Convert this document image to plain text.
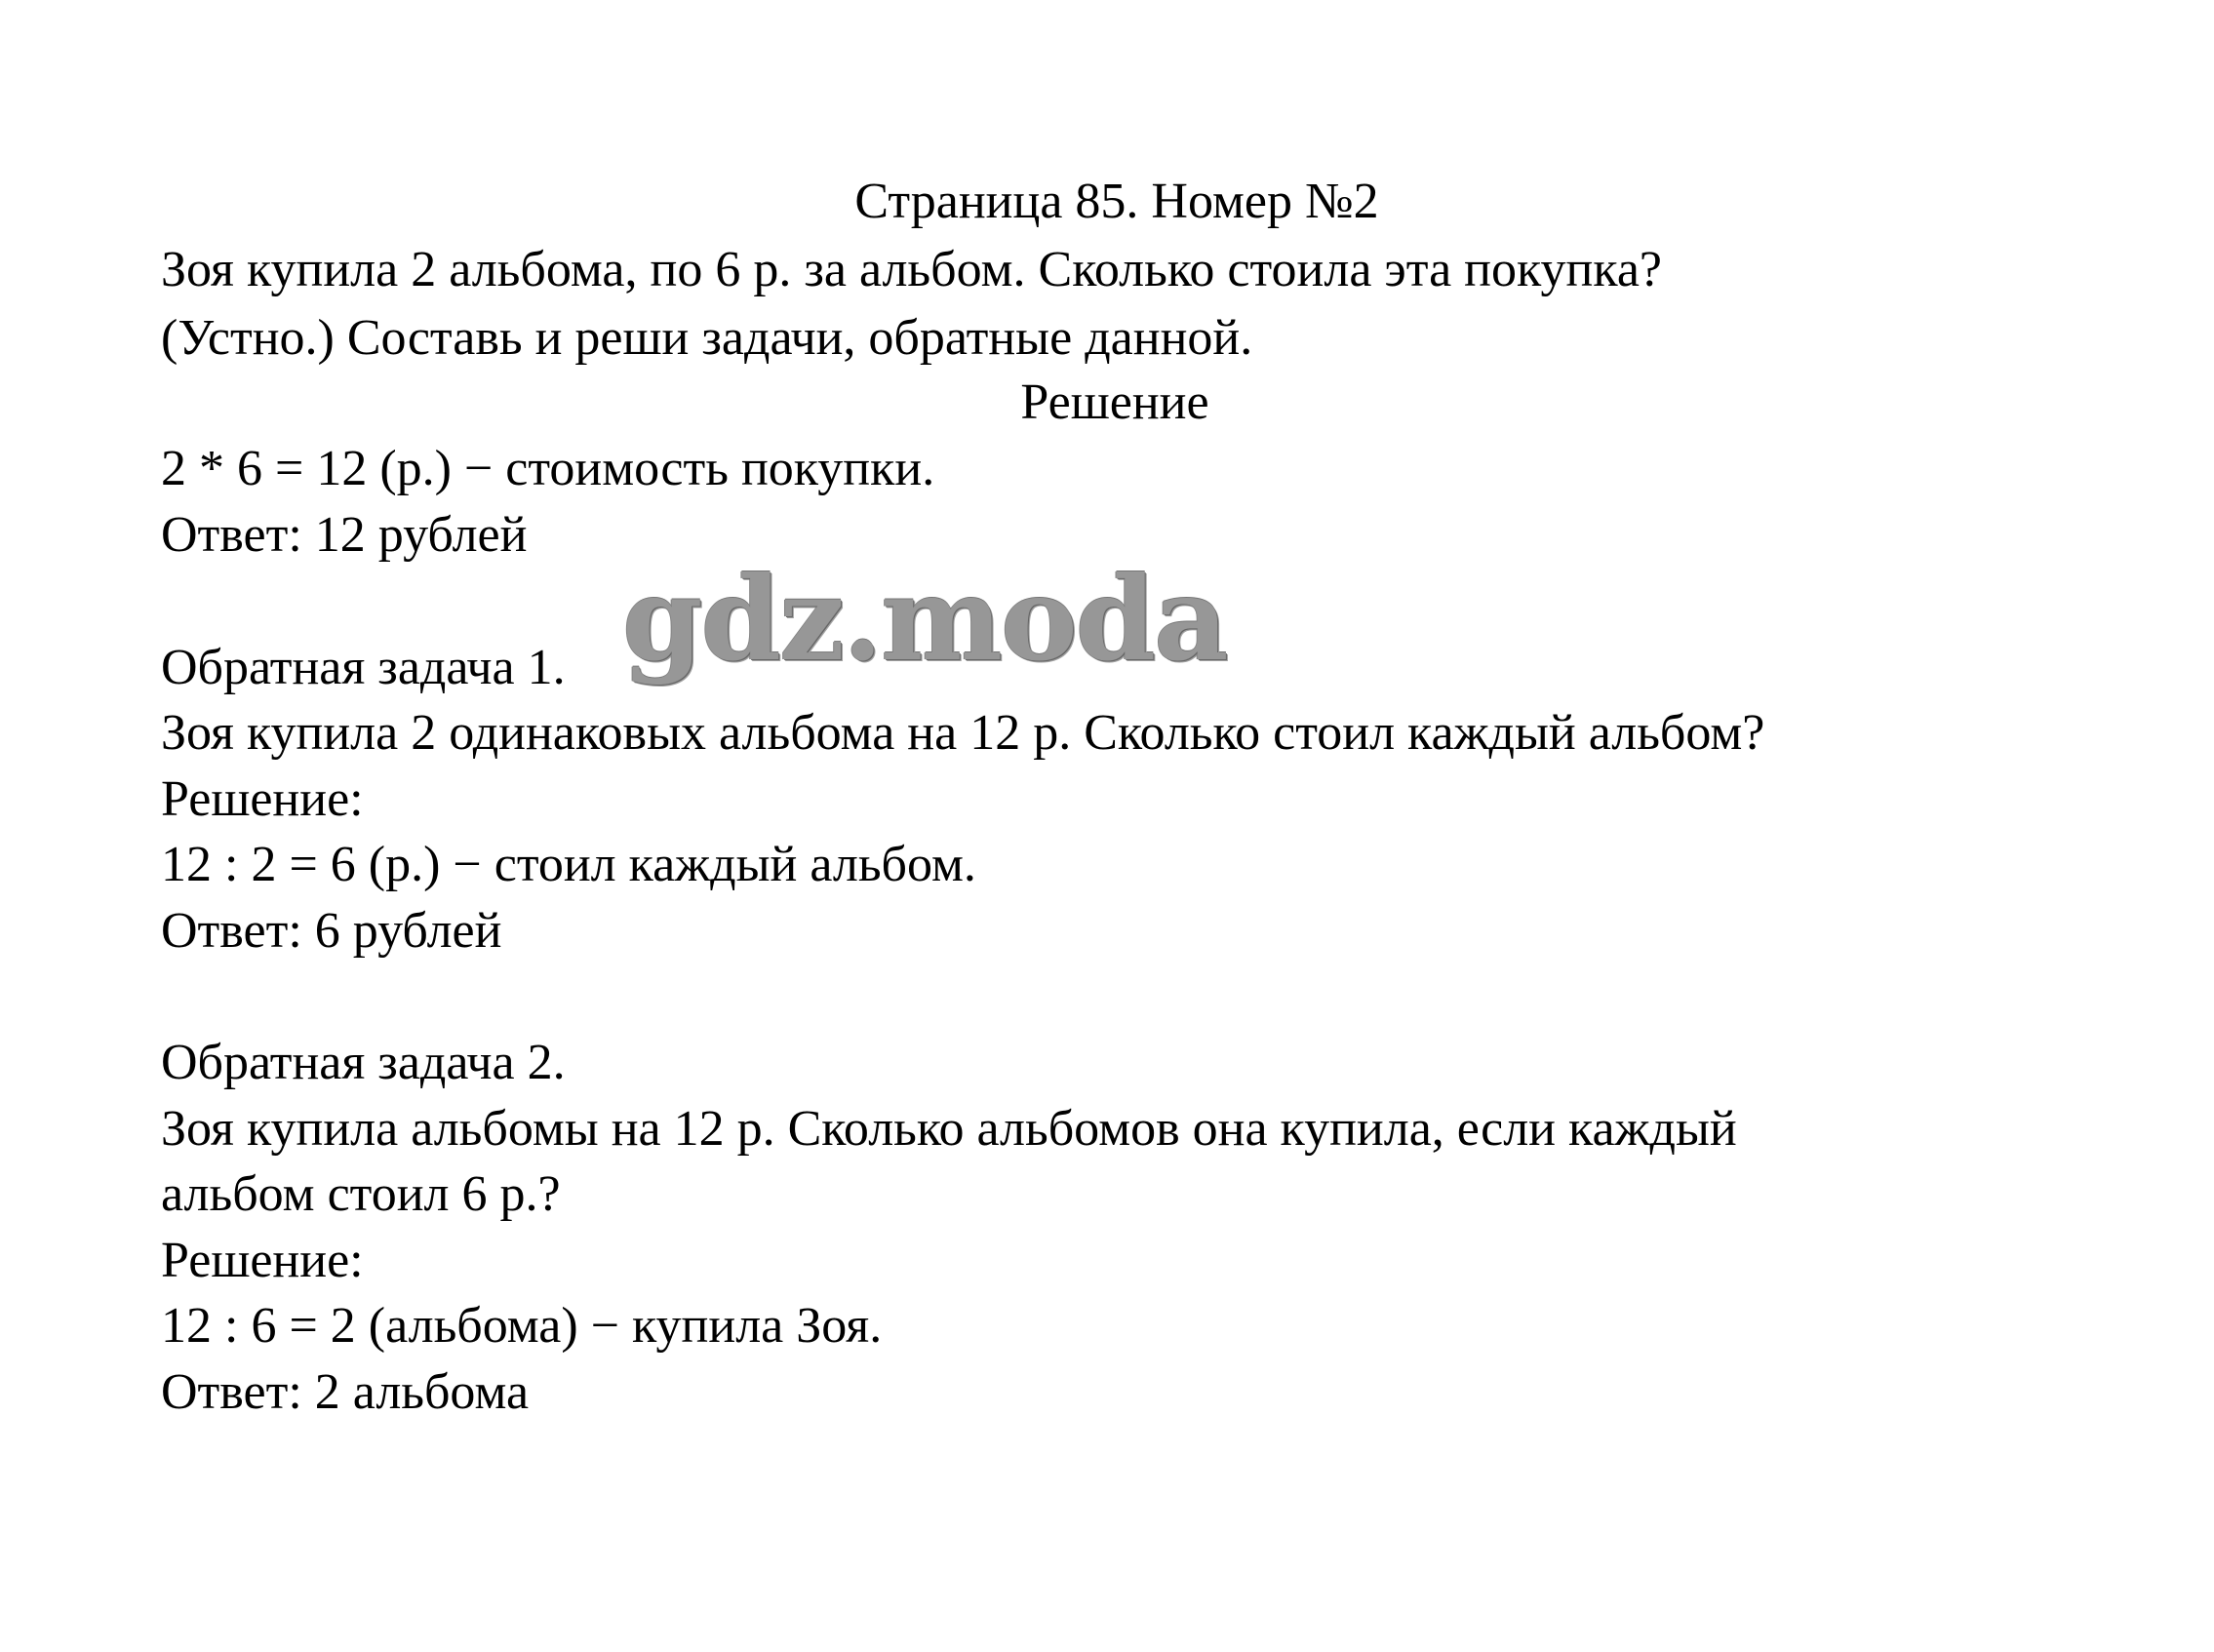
Страница 85. Номер №2

Зоя купила 2 альбома, по 6 р. за альбом. Сколько стоила эта покупка?

(Устно.) Составь и реши задачи, обратные данной.

Решение

2 * 6 = 12 (р.) − стоимость покупки.

Ответ: 12 рублей

Обратная задача 1.

Зоя купила 2 одинаковых альбома на 12 р. Сколько стоил каждый альбом?

Решение:

12 : 2 = 6 (р.) − стоил каждый альбом.

Ответ: 6 рублей

Обратная задача 2.

Зоя купила альбомы на 12 р. Сколько альбомов она купила, если каждый

альбом стоил 6 р.?

Решение:

12 : 6 = 2 (альбома) − купила Зоя.

Ответ: 2 альбома

gdz.moda
